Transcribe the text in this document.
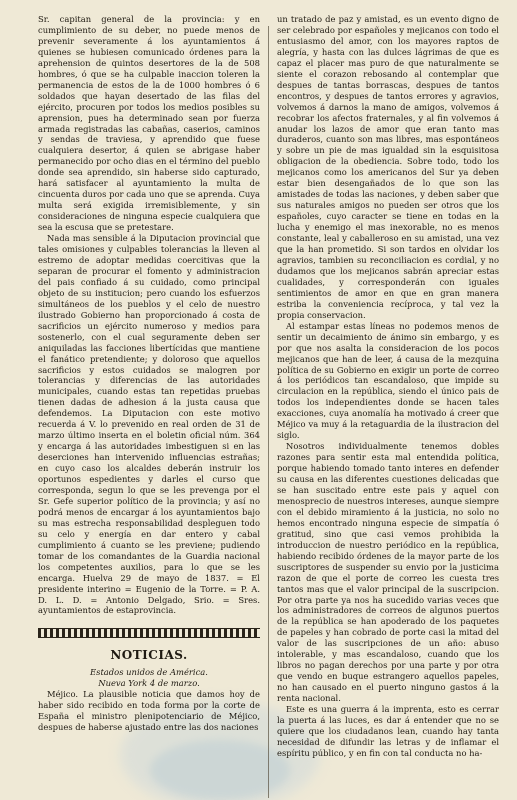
Sr. capitan general de la provincia: y en cumplimiento de su deber, no puede menos de prevenir severamente á los ayuntamientos á quienes se hubiesen comunicado órdenes para la aprehension de quintos desertores de la de 508 hombres, ó que se ha culpable inaccion toleren la permanencia de estos de la de 1000 hombres ó 6 soldados que hayan desertado de las filas del ejército, procuren por todos los medios posibles su aprension, pues ha determinado sean por fuerza armada registradas las cabañas, caserios, caminos y sendas de traviesa, y aprendido que fuese cualquiera desertor, á quien se abrigase haber permanecido por ocho dias en el término del pueblo donde sea aprendido, sin haberse sido capturado, hará satisfacer al ayuntamiento la multa de cincuenta duros por cada uno que se aprenda. Cuya multa será exigida irremisiblemente, y sin consideraciones de ninguna especie cualquiera que sea la escusa que se pretestare.

Nada mas sensible á la Diputacion provincial que tales omisiones y culpables tolerancias la lleven al estremo de adoptar medidas coercitivas que la separan de procurar el fomento y administracion del pais confiado á su cuidado, como principal objeto de su institucion; pero cuando los esfuerzos simultáneos de los pueblos y el celo de nuestro ilustrado Gobierno han proporcionado á costa de sacrificios un ejército numeroso y medios para sostenerlo, con el cual seguramente deben ser aniquiladas las facciones libertícidas que mantiene el fanático pretendiente; y doloroso que aquellos sacrificios y estos cuidados se malogren por tolerancias y diferencias de las autoridades municipales, cuando estas tan repetidas pruebas tienen dadas de adhesion á la justa causa que defendemos. La Diputacion con este motivo recuerda á V. lo prevenido en real orden de 31 de marzo último inserta en el boletin oficial núm. 364 y encarga á las autoridades imbestiguen si en las deserciones han intervenido influencias estrañas; en cuyo caso los alcaldes deberán instruir los oportunos espedientes y darles el curso que corresponda, segun lo que se les prevenga por el Sr. Gefe superior político de la provincia; y así no podrá menos de encargar á los ayuntamientos bajo su mas estrecha responsabilidad despleguen todo su celo y energía en dar entero y cabal cumplimiento á cuanto se les previene; pudiendo tomar de los comandantes de la Guardia nacional los competentes auxilios, para lo que se les encarga. Huelva 29 de mayo de 1837. = El presidente interino = Eugenio de la Torre. = P. A. D. L. D. = Antonio Delgado, Srio. = Sres. ayuntamientos de estaprovincia.

NOTICIAS.

Estados unidos de América.

Nueva York 4 de marzo.

Méjico. La plausible noticia que damos hoy de haber sido recibido en toda forma por la corte de España el ministro plenipotenciario de Méjico, despues de haberse ajustado entre las dos naciones

un tratado de paz y amistad, es un evento digno de ser celebrado por españoles y mejicanos con todo el entusiasmo del amor, con los mayores raptos de alegría, y hasta con las dulces lágrimas de que es capaz el placer mas puro de que naturalmente se siente el corazon rebosando al contemplar que despues de tantas borrascas, despues de tantos encontros, y despues de tantos errores y agravios, volvemos á darnos la mano de amigos, volvemos á recobrar los afectos fraternales, y al fin volvemos á anudar los lazos de amor que eran tanto mas duraderos, cuanto son mas libres, mas espontáneos y sobre un pie de mas igualdad sin la esquisitosa obligacion de la obediencia. Sobre todo, todo los mejicanos como los americanos del Sur ya deben estar bien desengañados de lo que son las amistades de todas las naciones, y deben saber que sus naturales amigos no pueden ser otros que los españoles, cuyo caracter se tiene en todas en la lucha y enemigo el mas inexorable, no es menos constante, leal y caballeroso en su amistad, una vez que la han prometido. Si son tardos en olvidar los agravios, tambien su reconciliacion es cordial, y no dudamos que los mejicanos sabrán apreciar estas cualidades, y corresponderán con iguales sentimientos de amor en que en gran manera estriba la conveniencia recíproca, y tal vez la propia conservacion.

Al estampar estas líneas no podemos menos de sentir un decaimiento de ánimo sin embargo, y es por que nos asalta la consideracion de los pocos mejicanos que han de leer, á causa de la mezquina política de su Gobierno en exigir un porte de correo á los periódicos tan escandaloso, que impide su circulacion en la república, siendo el único pais de todos los independientes donde se hacen tales exacciones, cuya anomalía ha motivado á creer que Méjico va muy á la retaguardia de la ilustracion del siglo.

Nosotros individualmente tenemos dobles razones para sentir esta mal entendida política, porque habiendo tomado tanto interes en defender su causa en las diferentes cuestiones delicadas que se han suscitado entre este pais y aquel con menosprecio de nuestros intereses, aunque siempre con el debido miramiento á la justicia, no solo no hemos encontrado ninguna especie de simpatía ó gratitud, sino que casi vemos prohibida la introduccion de nuestro periódico en la república, habiendo recibido órdenes de la mayor parte de los suscriptores de suspender su envio por la justicima razon de que el porte de correo les cuesta tres tantos mas que el valor principal de la suscripcion. Por otra parte ya nos ha sucedido varias veces que los administradores de correos de algunos puertos de la república se han apoderado de los paquetes de papeles y han cobrado de porte casi la mitad del valor de las suscripciones de un año: abuso intolerable, y mas escandaloso, cuando que los libros no pagan derechos por una parte y por otra que vendo en buque estrangero aquellos papeles, no han causado en el puerto ninguno gastos á la renta nacional.

Este es una guerra á la imprenta, esto es cerrar la puerta á las luces, es dar á entender que no se quiere que los ciudadanos lean, cuando hay tanta necesidad de difundir las letras y de inflamar el espíritu público, y en fin con tal conducta no ha-
